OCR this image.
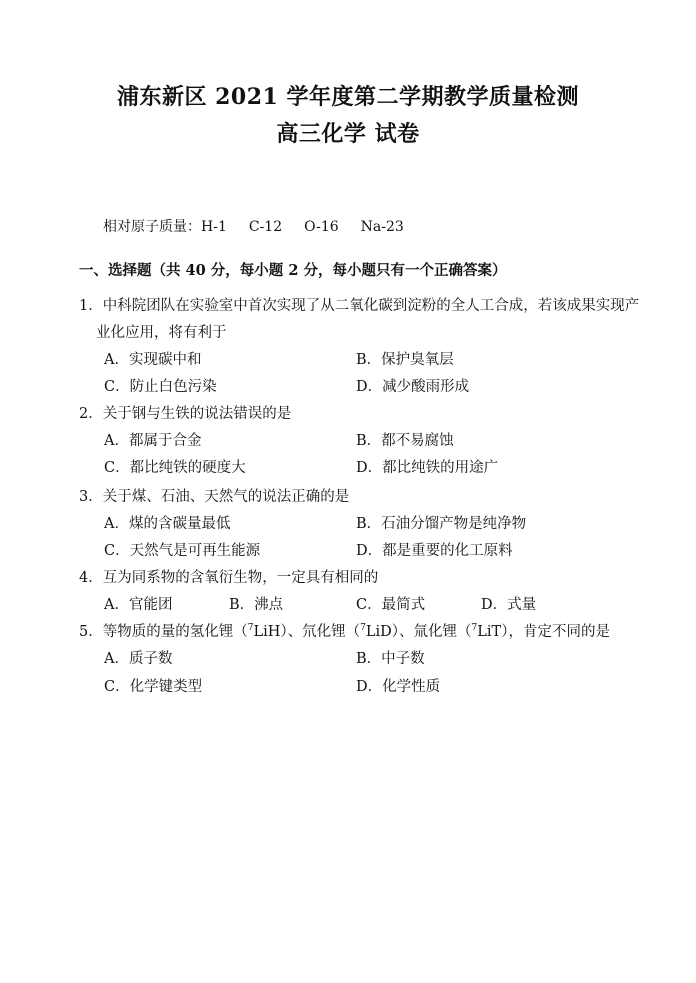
浦东新区 2021 学年度第二学期教学质量检测
高三化学 试卷
相对原子质量：H-1 C-12 O-16 Na-23
一、选择题（共 40 分，每小题 2 分，每小题只有一个正确答案）
1．中科院团队在实验室中首次实现了从二氧化碳到淀粉的全人工合成，若该成果实现产
业化应用，将有利于
A．实现碳中和	B．保护臭氧层
C．防止白色污染	D．减少酸雨形成
2．关于钢与生铁的说法错误的是
A．都属于合金	B．都不易腐蚀
C．都比纯铁的硬度大	D．都比纯铁的用途广
3．关于煤、石油、天然气的说法正确的是
A．煤的含碳量最低	B．石油分馏产物是纯净物
C．天然气是可再生能源	D．都是重要的化工原料
4．互为同系物的含氧衍生物，一定具有相同的
A．官能团	B．沸点	C．最简式	D．式量
5．等物质的量的氢化锂（$^7$LiH）、氘化锂（$^7$LiD）、氚化锂（$^7$LiT），肯定不同的是
A．质子数	B．中子数
C．化学键类型	D．化学性质
